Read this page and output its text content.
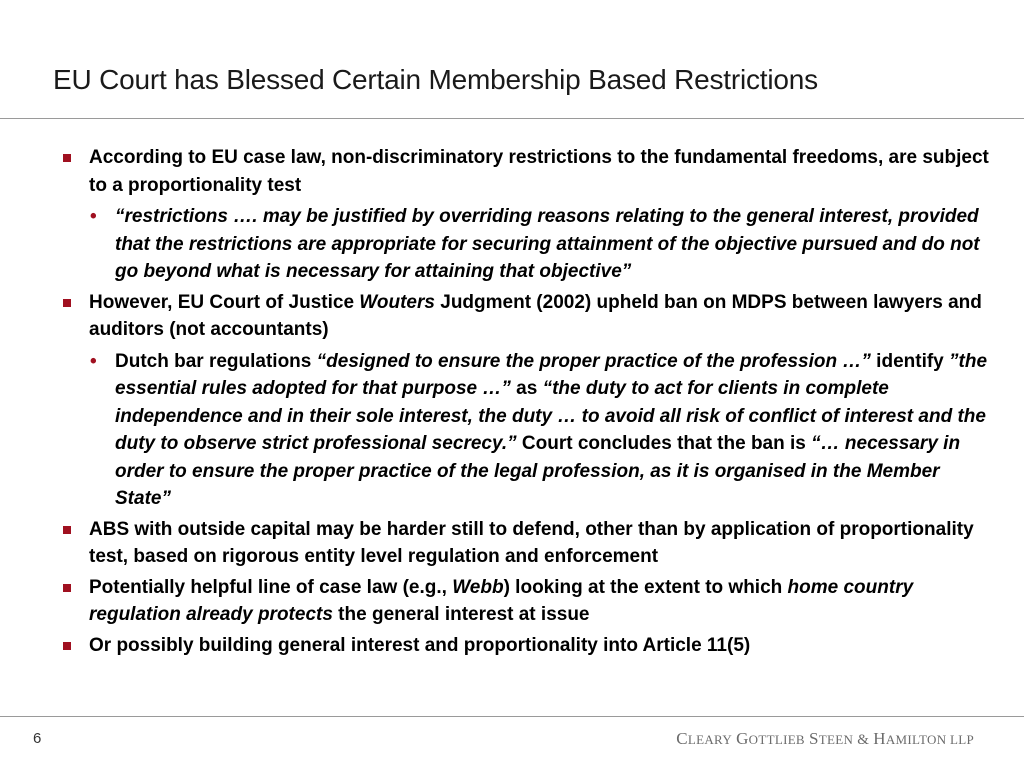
EU Court has Blessed Certain Membership Based Restrictions
According to EU case law, non-discriminatory restrictions to the fundamental freedoms, are subject to a proportionality test
• “restrictions …. may be justified by overriding reasons relating to the general interest, provided that the restrictions are appropriate for securing attainment of the objective pursued and do not go beyond what is necessary for attaining that objective”
However, EU Court of Justice Wouters Judgment (2002) upheld ban on MDPS between lawyers and auditors (not accountants)
• Dutch bar regulations “designed to ensure the proper practice of the profession …” identify ”the essential rules adopted for that purpose …” as “the duty to act for clients in complete independence and in their sole interest, the duty … to avoid all risk of conflict of interest and the duty to observe strict professional secrecy.” Court concludes that the ban is “… necessary in order to ensure the proper practice of the legal profession, as it is organised in the Member State”
ABS with outside capital may be harder still to defend, other than by application of proportionality test, based on rigorous entity level regulation and enforcement
Potentially helpful line of case law (e.g., Webb) looking at the extent to which home country regulation already protects the general interest at issue
Or possibly building general interest and proportionality into Article 11(5)
6	CLEARY GOTTLIEB STEEN & HAMILTON LLP
